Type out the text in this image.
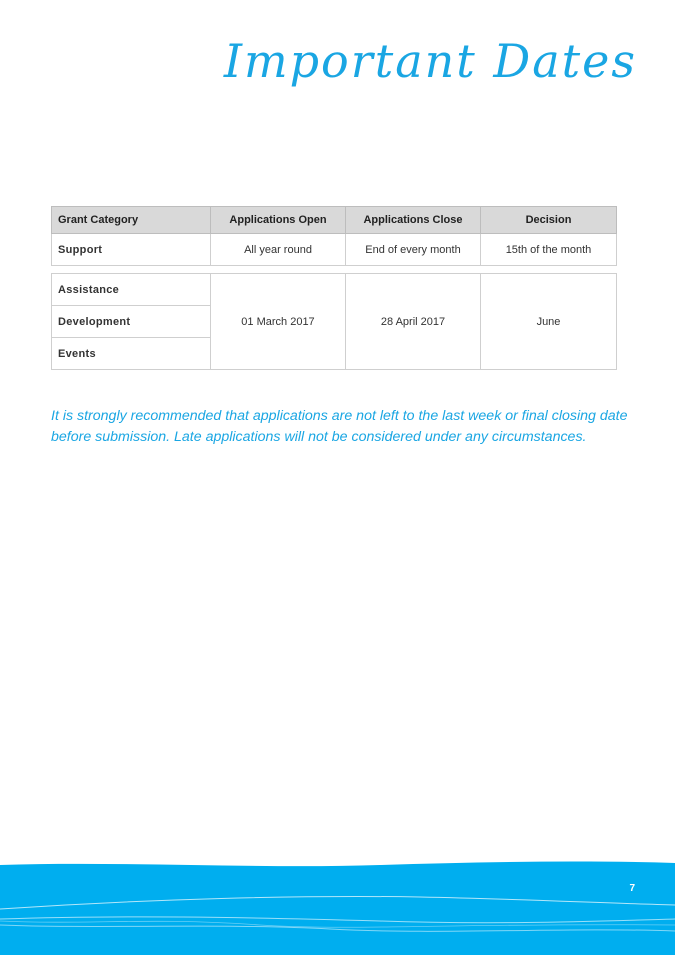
Important Dates
Grant Category	Applications Open	Applications Close	Decision
Support	All year round	End of every month	15th of the month
Assistance	01 March 2017	28 April 2017	June
Development
Events

It is strongly recommended that applications are not left to the last week or final closing date before submission. Late applications will not be considered under any circumstances.

7
